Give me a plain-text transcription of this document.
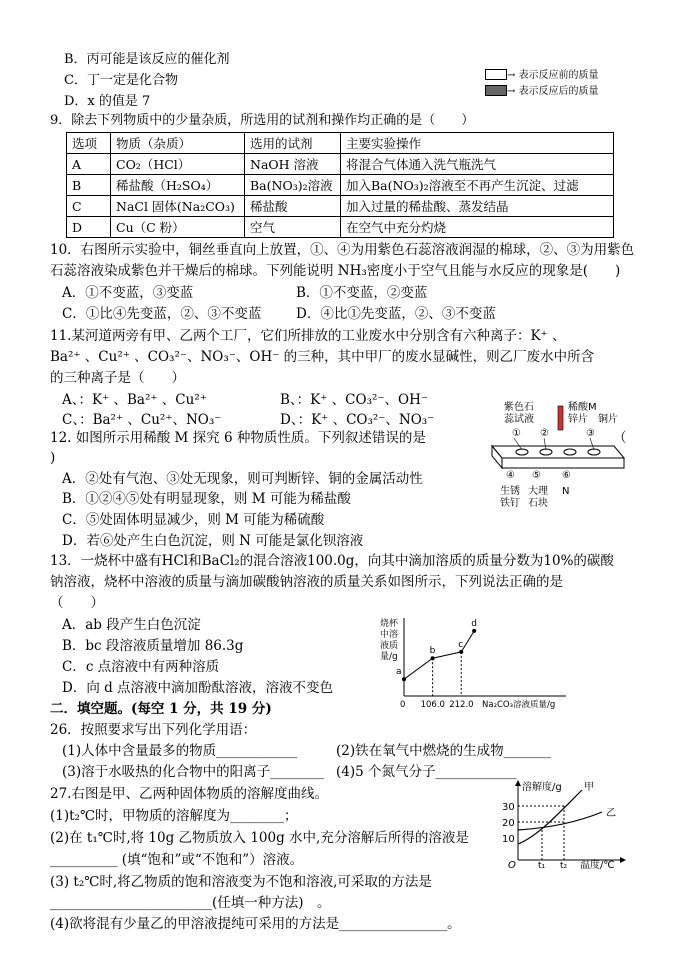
B．丙可能是该反应的催化剂
C．丁一定是化合物
D．x 的值是 7
→ 表示反应前的质量
→ 表示反应后的质量
9．除去下列物质中的少量杂质，所选用的试剂和操作均正确的是（　　）
选项	物质（杂质）	选用的试剂	主要实验操作
A	CO₂（HCl）	NaOH 溶液	将混合气体通入洗气瓶洗气
B	稀盐酸（H₂SO₄）	Ba(NO₃)₂溶液	加入Ba(NO₃)₂溶液至不再产生沉淀、过滤
C	NaCl 固体(Na₂CO₃)	稀盐酸	加入过量的稀盐酸、蒸发结晶
D	Cu（C 粉）	空气	在空气中充分灼烧
10．右图所示实验中，铜丝垂直向上放置，①、④为用紫色石蕊溶液润湿的棉球，②、③为用紫色
石蕊溶液染成紫色并干燥后的棉球。下列能说明 NH₃密度小于空气且能与水反应的现象是(　　)
A．①不变蓝，③变蓝	B．①不变蓝，②变蓝
C．①比④先变蓝，②、③不变蓝	D．④比①先变蓝，②、③不变蓝
11.某河道两旁有甲、乙两个工厂，它们所排放的工业废水中分别含有六种离子：K⁺ 、
Ba²⁺ 、Cu²⁺ 、CO₃²⁻、NO₃⁻、OH⁻ 的三种，其中甲厂的废水显碱性，则乙厂废水中所含
的三种离子是（　　）
A、：K⁺ 、Ba²⁺ 、Cu²⁺	B、：K⁺ 、CO₃²⁻、OH⁻
C、：Ba²⁺ 、Cu²⁺、NO₃⁻	D、：K⁺ 、CO₃²⁻、NO₃⁻
紫色石
蕊试液
稀酸M
锌片 铜片
① ②	③
④ ⑤ ⑥
生锈
铁钉
大理
石块
N
12. 如图所示用稀酸 M 探究 6 种物质性质。下列叙述错误的是	（
)
A．②处有气泡、③处无现象，则可判断锌、铜的金属活动性
B．①②④⑤处有明显现象，则 M 可能为稀盐酸
C．⑤处固体明显减少，则 M 可能为稀硫酸
D．若⑥处产生白色沉淀，则 N 可能是氯化钡溶液
13．一烧杯中盛有HCl和BaCl₂的混合溶液100.0g，向其中滴加溶质的质量分数为10%的碳酸
钠溶液，烧杯中溶液的质量与滴加碳酸钠溶液的质量关系如图所示，下列说法正确的是
（　　）
A．ab 段产生白色沉淀
B．bc 段溶液质量增加 86.3g
C．c 点溶液中有两种溶质
D．向 d 点溶液中滴加酚酞溶液，溶液不变色
烧杯
中溶
液质
量/g
0 106.0 212.0 Na₂CO₃溶液质量/g
a
b
c
d
二．填空题。(每空 1 分，共 19 分)
26．按照要求写出下列化学用语：
(1)人体中含量最多的物质____________	(2)铁在氧气中燃烧的生成物_______
(3)溶于水吸热的化合物中的阳离子________ (4)5 个氮气分子____________
27.右图是甲、乙两种固体物质的溶解度曲线。
(1)t₂℃时，甲物质的溶解度为________；
(2)在 t₁℃时,将 10g 乙物质放入 100g 水中,充分溶解后所得的溶液是
__________ (填“饱和”或“不饱和”）溶液。
(3) t₂℃时,将乙物质的饱和溶液变为不饱和溶液,可采取的方法是
________________________(任填一种方法)　。
(4)欲将混有少量乙的甲溶液提纯可采用的方法是________________。
溶解度/g
30
20
10
甲
乙
O t₁ t₂ 温度/℃
